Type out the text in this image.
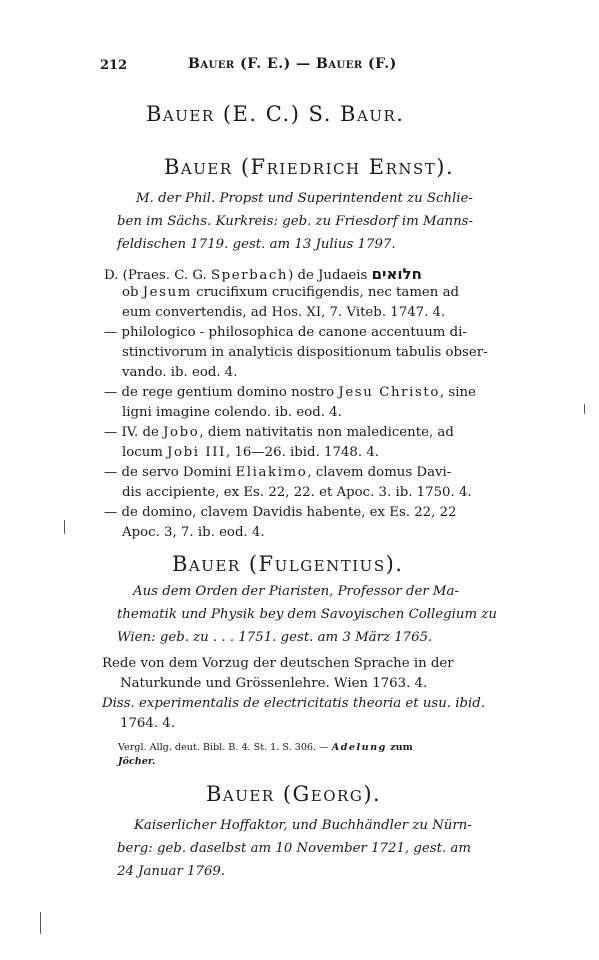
212	Bauer (F. E.) — Bauer (F.)
Bauer (E. C.) S. Baur.
Bauer (Friedrich Ernst).
M. der Phil. Propst und Superintendent zu Schlie-
ben im Sächs. Kurkreis: geb. zu Friesdorf im Manns-
feldischen 1719. gest. am 13 Julius 1797.
D. (Praes. C. G. Sperbach) de Judaeis חלואים
ob Jesum crucifixum crucifigendis, nec tamen ad
eum convertendis, ad Hos. XI, 7. Viteb. 1747. 4.
— philologico - philosophica de canone accentuum di-
stinctivorum in analyticis dispositionum tabulis obser-
vando. ib. eod. 4.
— de rege gentium domino nostro Jesu Christo, sine
ligni imagine colendo. ib. eod. 4.
— IV. de Jobo, diem nativitatis non maledicente, ad
locum Jobi III, 16—26. ibid. 1748. 4.
— de servo Domini Eliakimo, clavem domus Davi-
dis accipiente, ex Es. 22, 22. et Apoc. 3. ib. 1750. 4.
— de domino, clavem Davidis habente, ex Es. 22, 22
Apoc. 3, 7. ib. eod. 4.
Bauer (Fulgentius).
Aus dem Orden der Piaristen, Professor der Ma-
thematik und Physik bey dem Savoyischen Collegium zu
Wien: geb. zu . . . 1751. gest. am 3 März 1765.
Rede von dem Vorzug der deutschen Sprache in der
Naturkunde und Grössenlehre. Wien 1763. 4.
Diss. experimentalis de electricitatis theoria et usu. ibid.
1764. 4.
Vergl. Allg. deut. Bibl. B. 4. St. 1. S. 306. — Adelung zum
Jöcher.
Bauer (Georg).
Kaiserlicher Hoffaktor, und Buchhändler zu Nürn-
berg: geb. daselbst am 10 November 1721, gest. am
24 Januar 1769.
